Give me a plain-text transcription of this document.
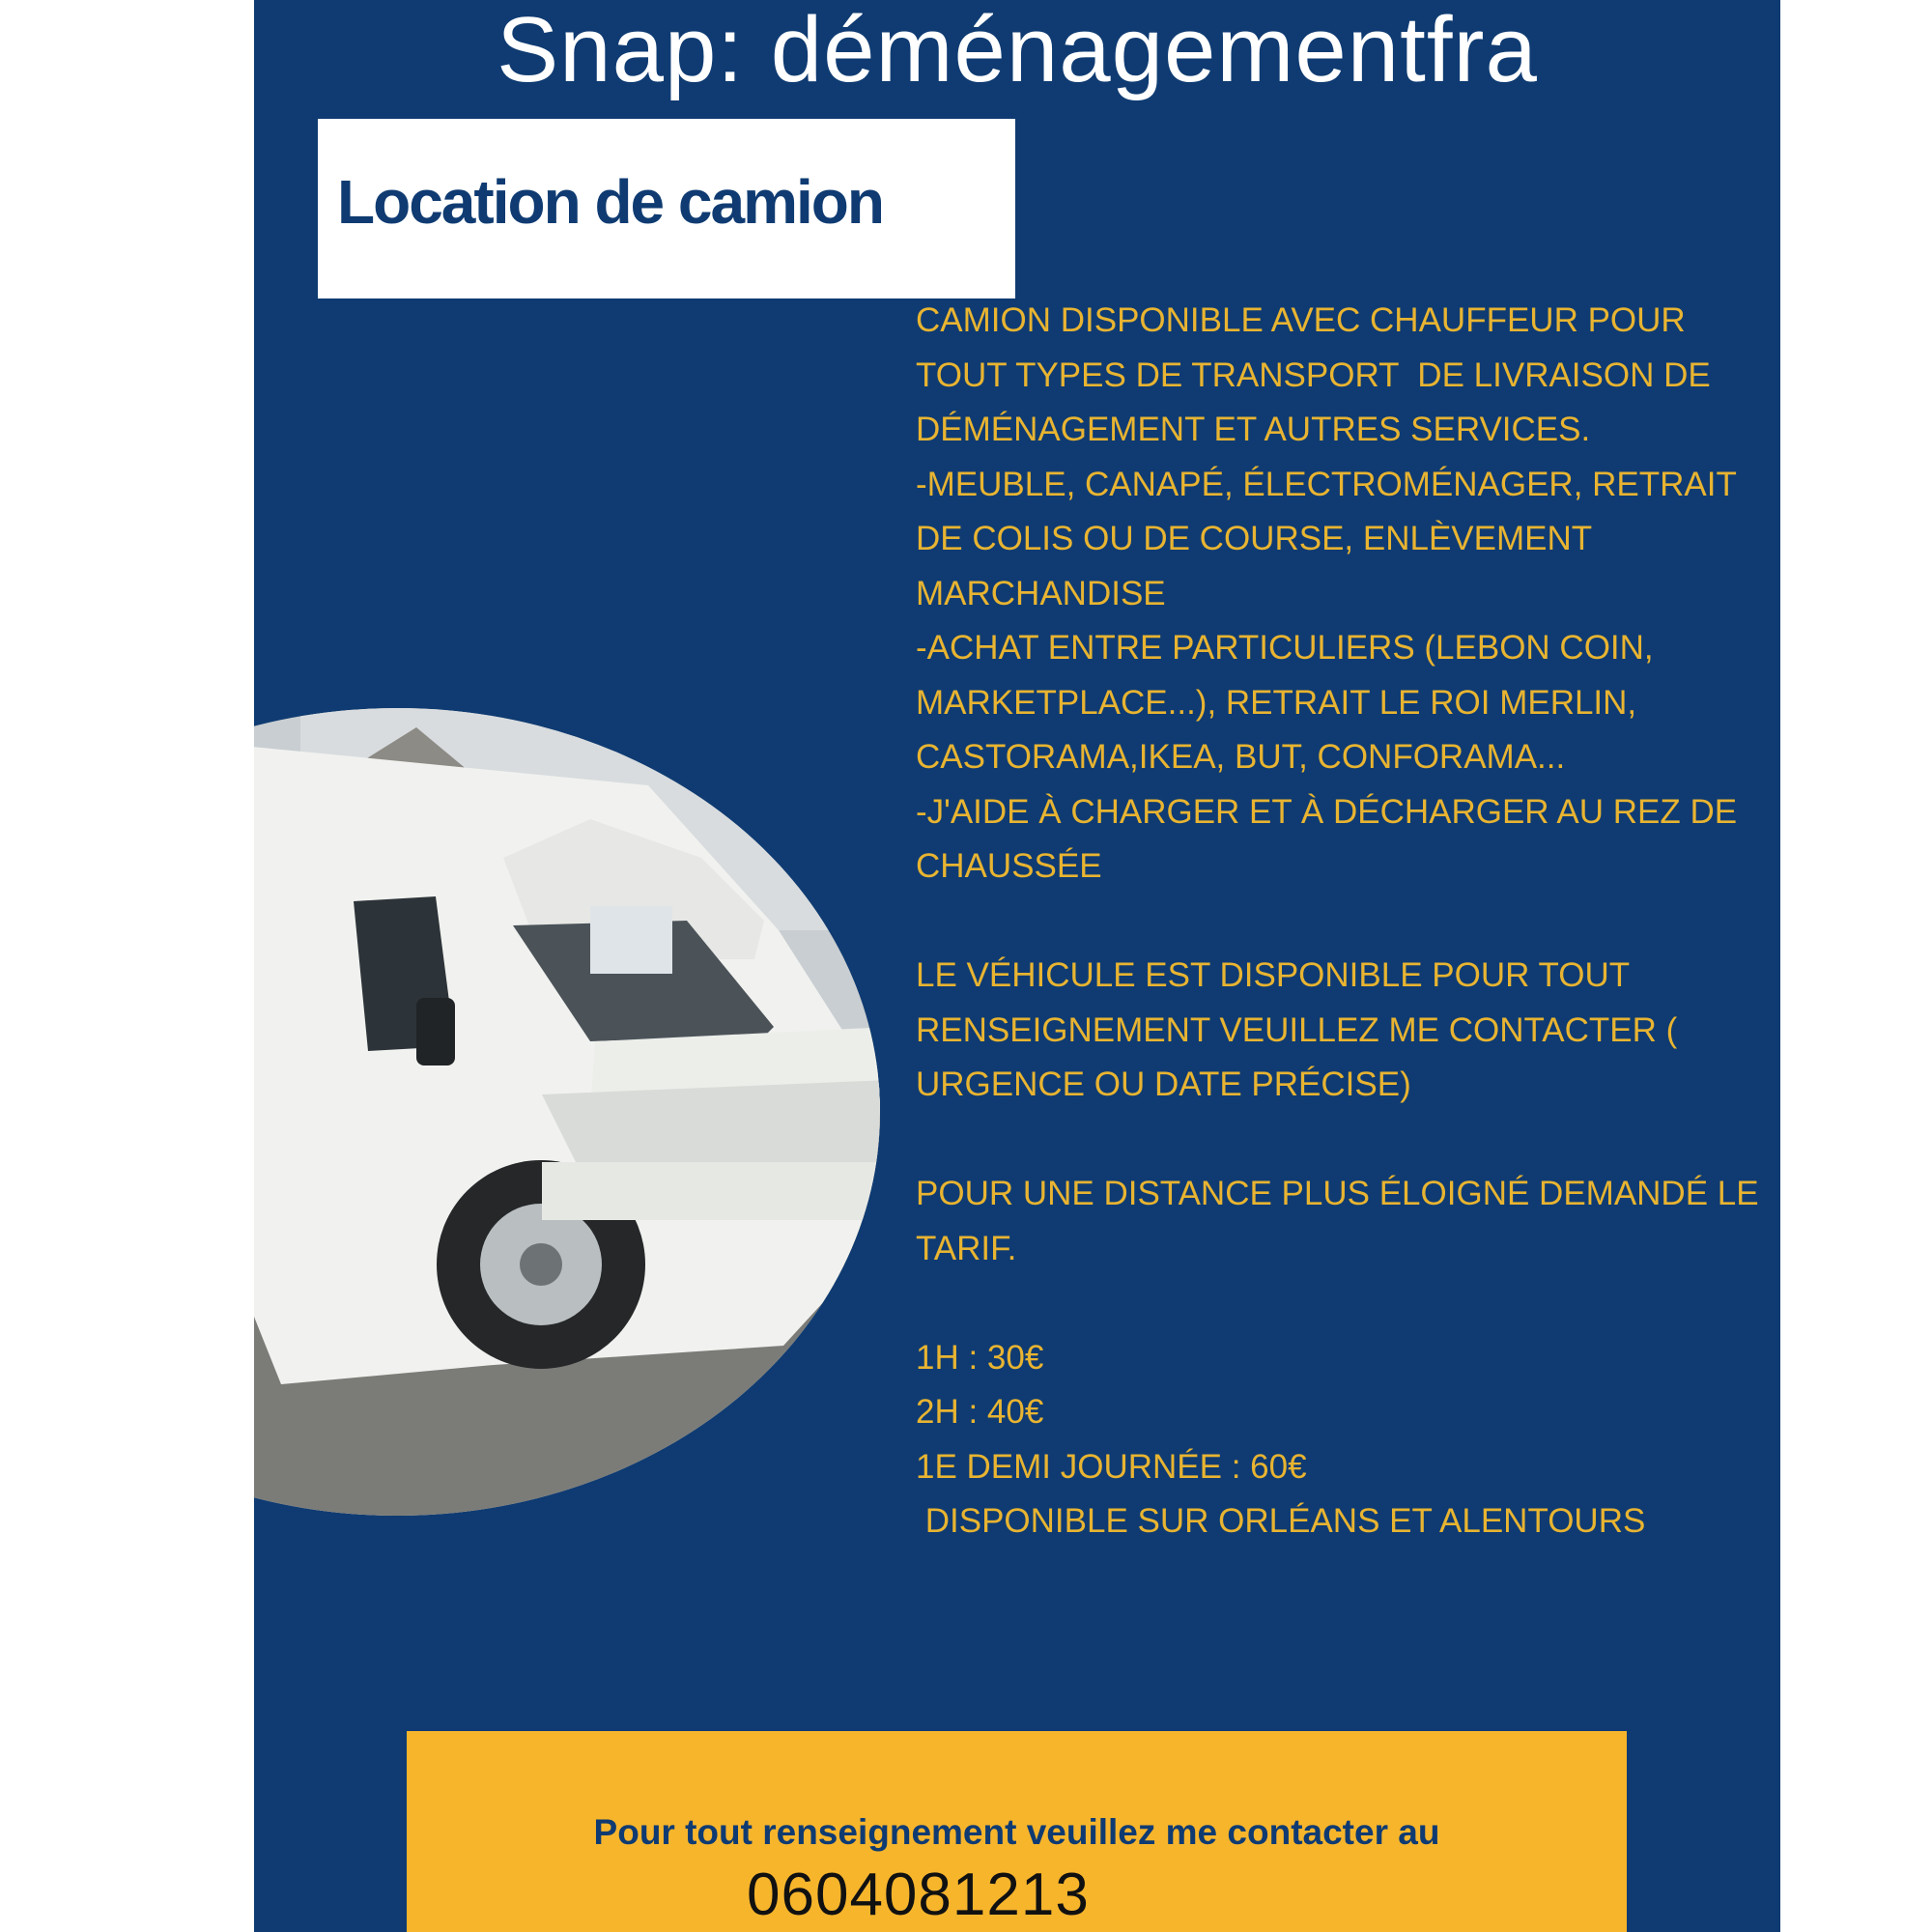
Snap: déménagementfra
Location de camion
CAMION DISPONIBLE AVEC CHAUFFEUR POUR
TOUT TYPES DE TRANSPORT  DE LIVRAISON DE
DÉMÉNAGEMENT ET AUTRES SERVICES.
-MEUBLE, CANAPÉ, ÉLECTROMÉNAGER, RETRAIT
DE COLIS OU DE COURSE, ENLÈVEMENT
MARCHANDISE
-ACHAT ENTRE PARTICULIERS (LEBON COIN,
MARKETPLACE...), RETRAIT LE ROI MERLIN,
CASTORAMA,IKEA, BUT, CONFORAMA...
-J'AIDE À CHARGER ET À DÉCHARGER AU REZ DE
CHAUSSÉE
LE VÉHICULE EST DISPONIBLE POUR TOUT
RENSEIGNEMENT VEUILLEZ ME CONTACTER (
URGENCE OU DATE PRÉCISE)
POUR UNE DISTANCE PLUS ÉLOIGNÉ DEMANDÉ LE
TARIF.
1H : 30€
2H : 40€
1E DEMI JOURNÉE : 60€
DISPONIBLE SUR ORLÉANS ET ALENTOURS
Pour tout renseignement veuillez me contacter au
0604081213
